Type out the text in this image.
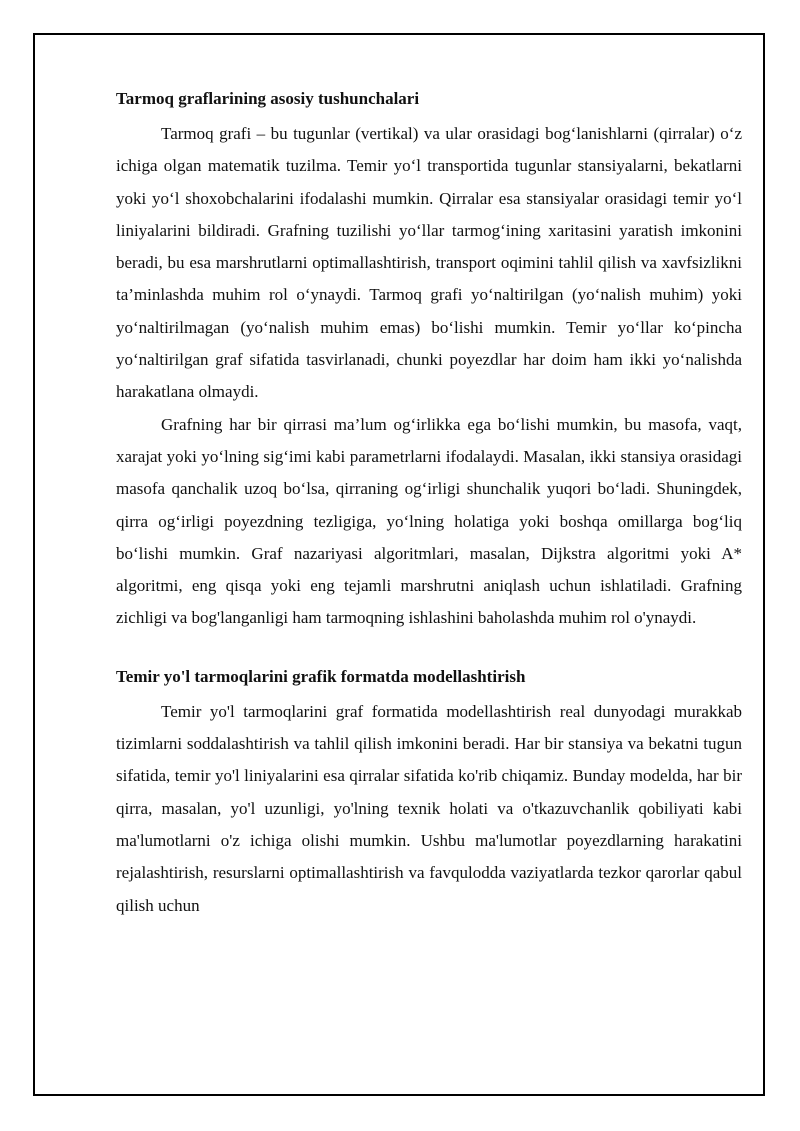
Tarmoq graflarining asosiy tushunchalari

Tarmoq grafi – bu tugunlar (vertikal) va ular orasidagi bog‘lanishlarni (qirralar) o‘z ichiga olgan matematik tuzilma. Temir yo‘l transportida tugunlar stansiyalarni, bekatlarni yoki yo‘l shoxobchalarini ifodalashi mumkin. Qirralar esa stansiyalar orasidagi temir yo‘l liniyalarini bildiradi. Grafning tuzilishi yo‘llar tarmog‘ining xaritasini yaratish imkonini beradi, bu esa marshrutlarni optimallashtirish, transport oqimini tahlil qilish va xavfsizlikni ta’minlashda muhim rol o‘ynaydi. Tarmoq grafi yo‘naltirilgan (yo‘nalish muhim) yoki yo‘naltirilmagan (yo‘nalish muhim emas) bo‘lishi mumkin. Temir yo‘llar ko‘pincha yo‘naltirilgan graf sifatida tasvirlanadi, chunki poyezdlar har doim ham ikki yo‘nalishda harakatlana olmaydi.

Grafning har bir qirrasi ma’lum og‘irlikka ega bo‘lishi mumkin, bu masofa, vaqt, xarajat yoki yo‘lning sig‘imi kabi parametrlarni ifodalaydi. Masalan, ikki stansiya orasidagi masofa qanchalik uzoq bo‘lsa, qirraning og‘irligi shunchalik yuqori bo‘ladi. Shuningdek, qirra og‘irligi poyezdning tezligiga, yo‘lning holatiga yoki boshqa omillarga bog‘liq bo‘lishi mumkin. Graf nazariyasi algoritmlari, masalan, Dijkstra algoritmi yoki A* algoritmi, eng qisqa yoki eng tejamli marshrutni aniqlash uchun ishlatiladi. Grafning zichligi va bog'langanligi ham tarmoqning ishlashini baholashda muhim rol o'ynaydi.

Temir yo'l tarmoqlarini grafik formatda modellashtirish

Temir yo'l tarmoqlarini graf formatida modellashtirish real dunyodagi murakkab tizimlarni soddalashtirish va tahlil qilish imkonini beradi. Har bir stansiya va bekatni tugun sifatida, temir yo'l liniyalarini esa qirralar sifatida ko'rib chiqamiz. Bunday modelda, har bir qirra, masalan, yo'l uzunligi, yo'lning texnik holati va o'tkazuvchanlik qobiliyati kabi ma'lumotlarni o'z ichiga olishi mumkin. Ushbu ma'lumotlar poyezdlarning harakatini rejalashtirish, resurslarni optimallashtirish va favqulodda vaziyatlarda tezkor qarorlar qabul qilish uchun
